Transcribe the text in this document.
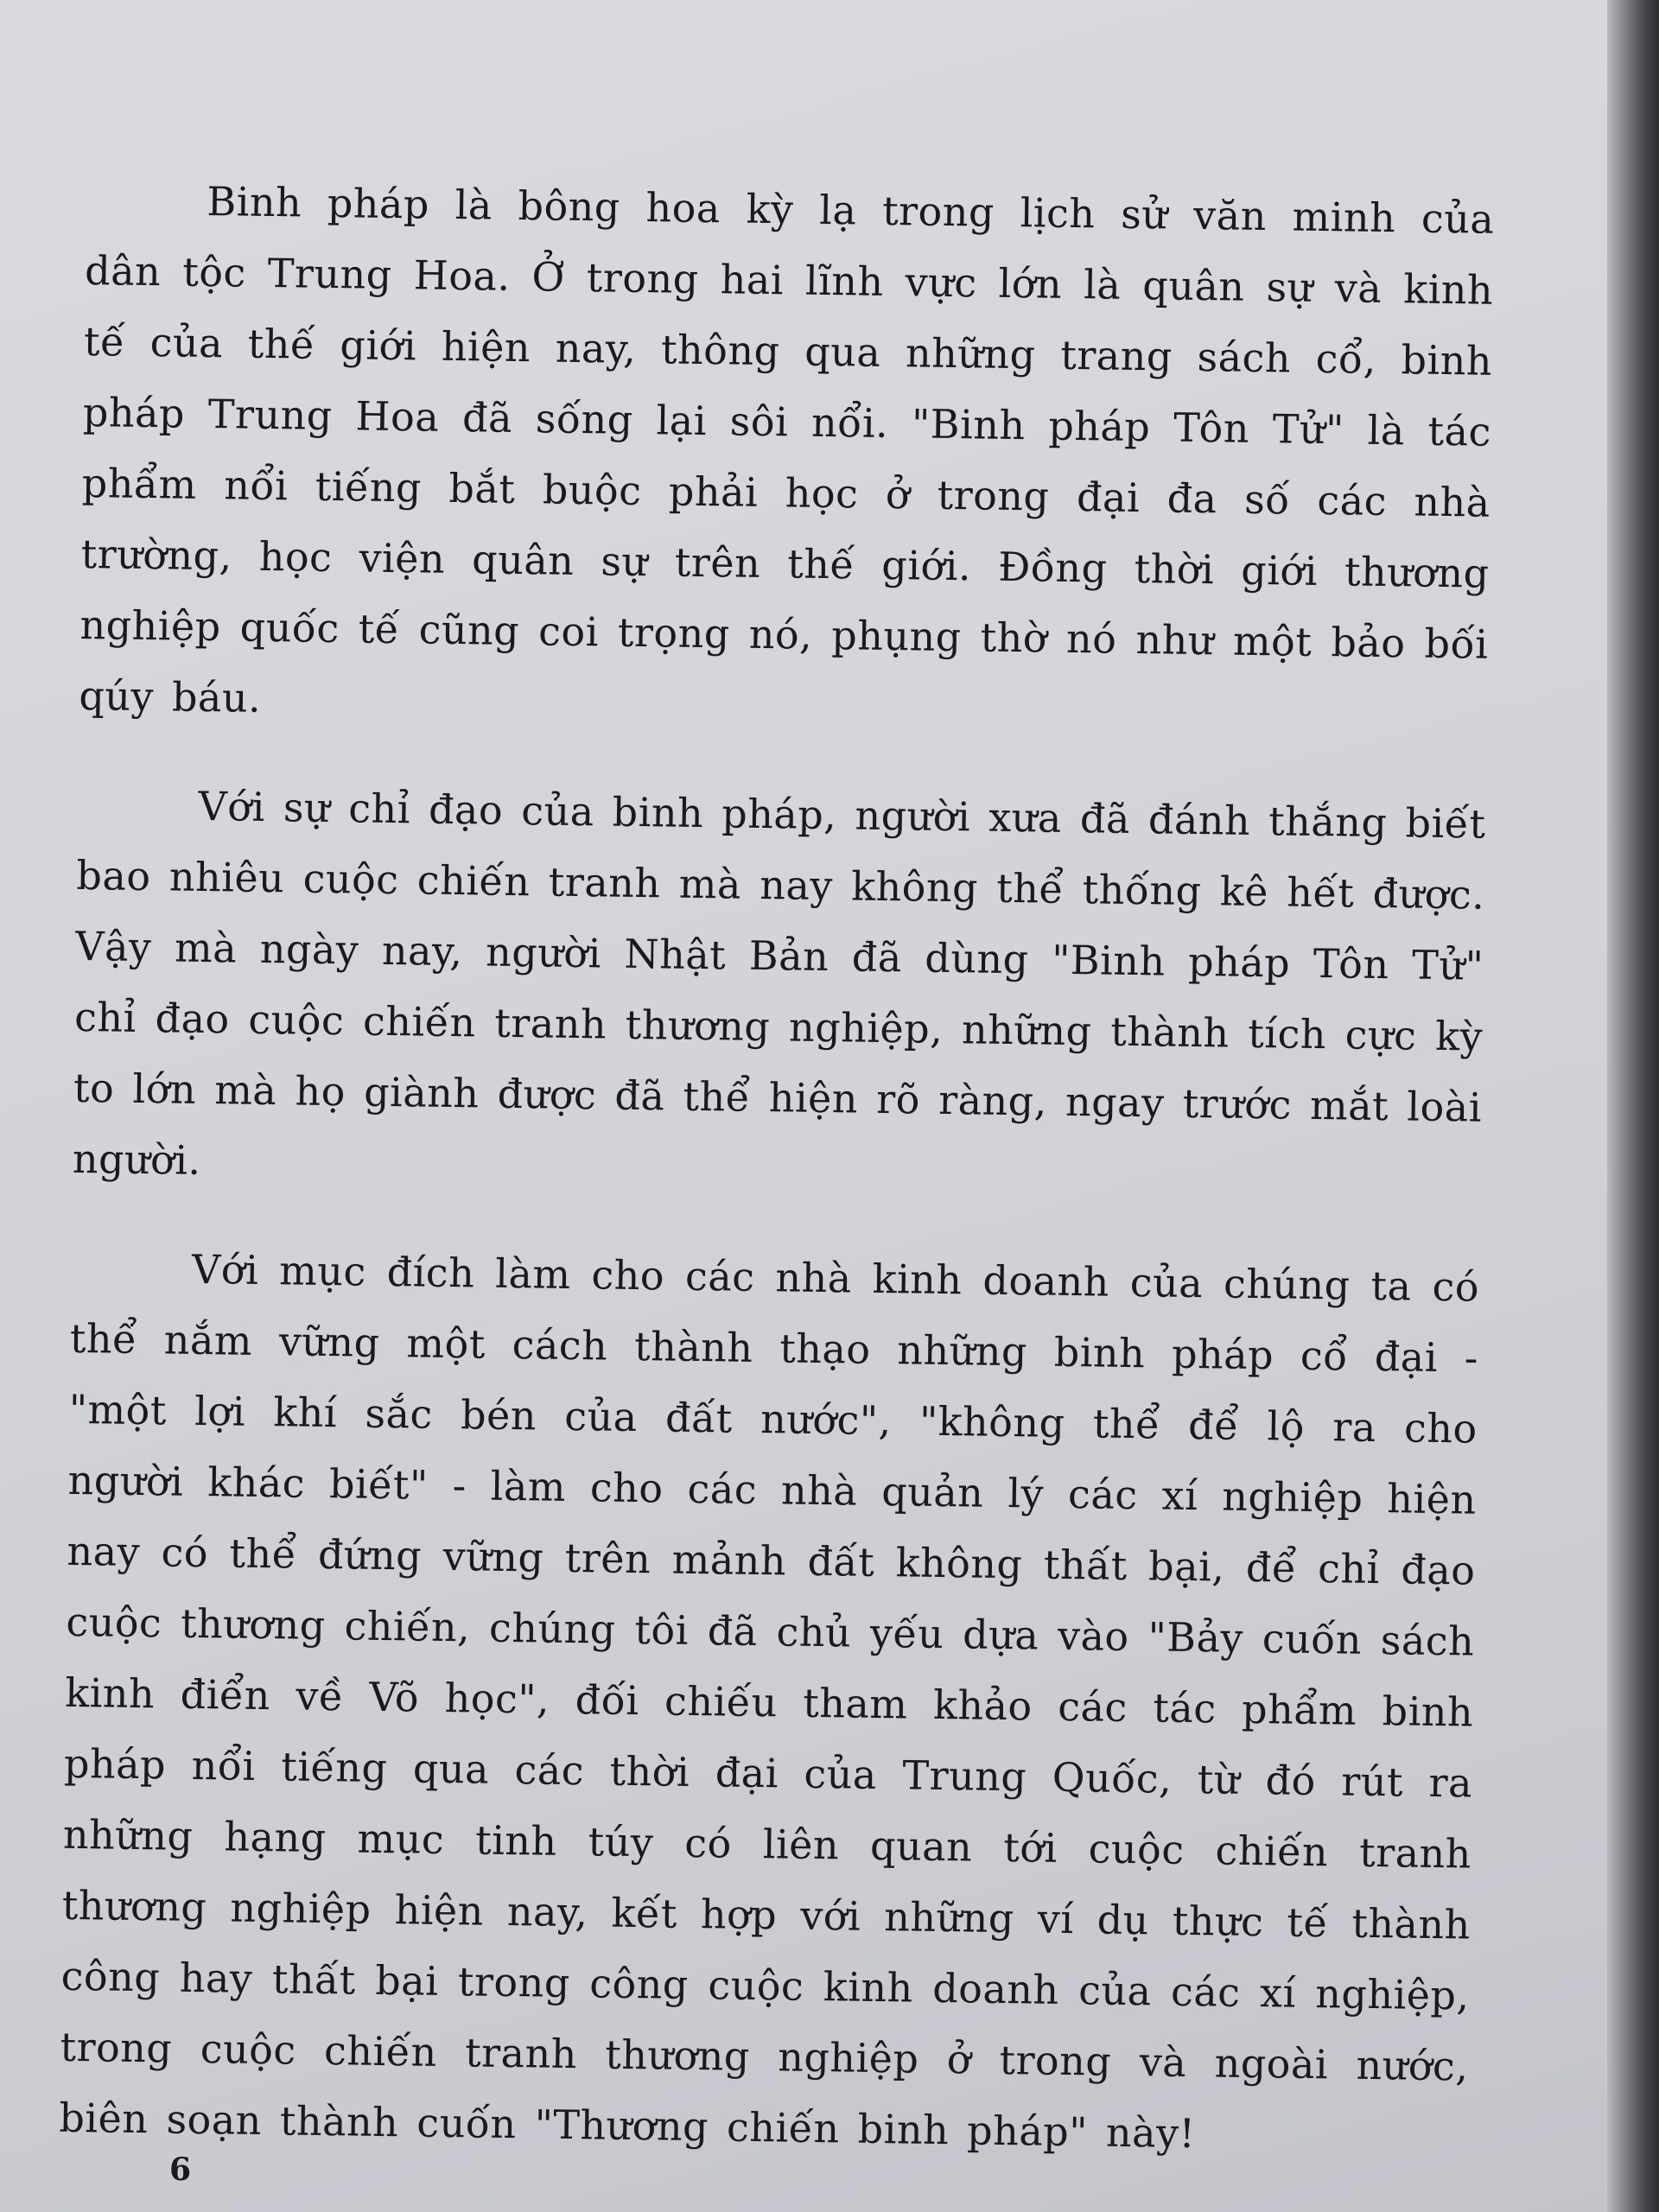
Binh pháp là bông hoa kỳ lạ trong lịch sử văn minh của dân tộc Trung Hoa. Ở trong hai lĩnh vực lớn là quân sự và kinh tế của thế giới hiện nay, thông qua những trang sách cổ, binh pháp Trung Hoa đã sống lại sôi nổi. "Binh pháp Tôn Tử" là tác phẩm nổi tiếng bắt buộc phải học ở trong đại đa số các nhà trường, học viện quân sự trên thế giới. Đồng thời giới thương nghiệp quốc tế cũng coi trọng nó, phụng thờ nó như một bảo bối qúy báu.

Với sự chỉ đạo của binh pháp, người xưa đã đánh thắng biết bao nhiêu cuộc chiến tranh mà nay không thể thống kê hết được. Vậy mà ngày nay, người Nhật Bản đã dùng "Binh pháp Tôn Tử" chỉ đạo cuộc chiến tranh thương nghiệp, những thành tích cực kỳ to lớn mà họ giành được đã thể hiện rõ ràng, ngay trước mắt loài người.

Với mục đích làm cho các nhà kinh doanh của chúng ta có thể nắm vững một cách thành thạo những binh pháp cổ đại - "một lợi khí sắc bén của đất nước", "không thể để lộ ra cho người khác biết" - làm cho các nhà quản lý các xí nghiệp hiện nay có thể đứng vững trên mảnh đất không thất bại, để chỉ đạo cuộc thương chiến, chúng tôi đã chủ yếu dựa vào "Bảy cuốn sách kinh điển về Võ học", đối chiếu tham khảo các tác phẩm binh pháp nổi tiếng qua các thời đại của Trung Quốc, từ đó rút ra những hạng mục tinh túy có liên quan tới cuộc chiến tranh thương nghiệp hiện nay, kết hợp với những ví dụ thực tế thành công hay thất bại trong công cuộc kinh doanh của các xí nghiệp, trong cuộc chiến tranh thương nghiệp ở trong và ngoài nước, biên soạn thành cuốn "Thương chiến binh pháp" này!

6
